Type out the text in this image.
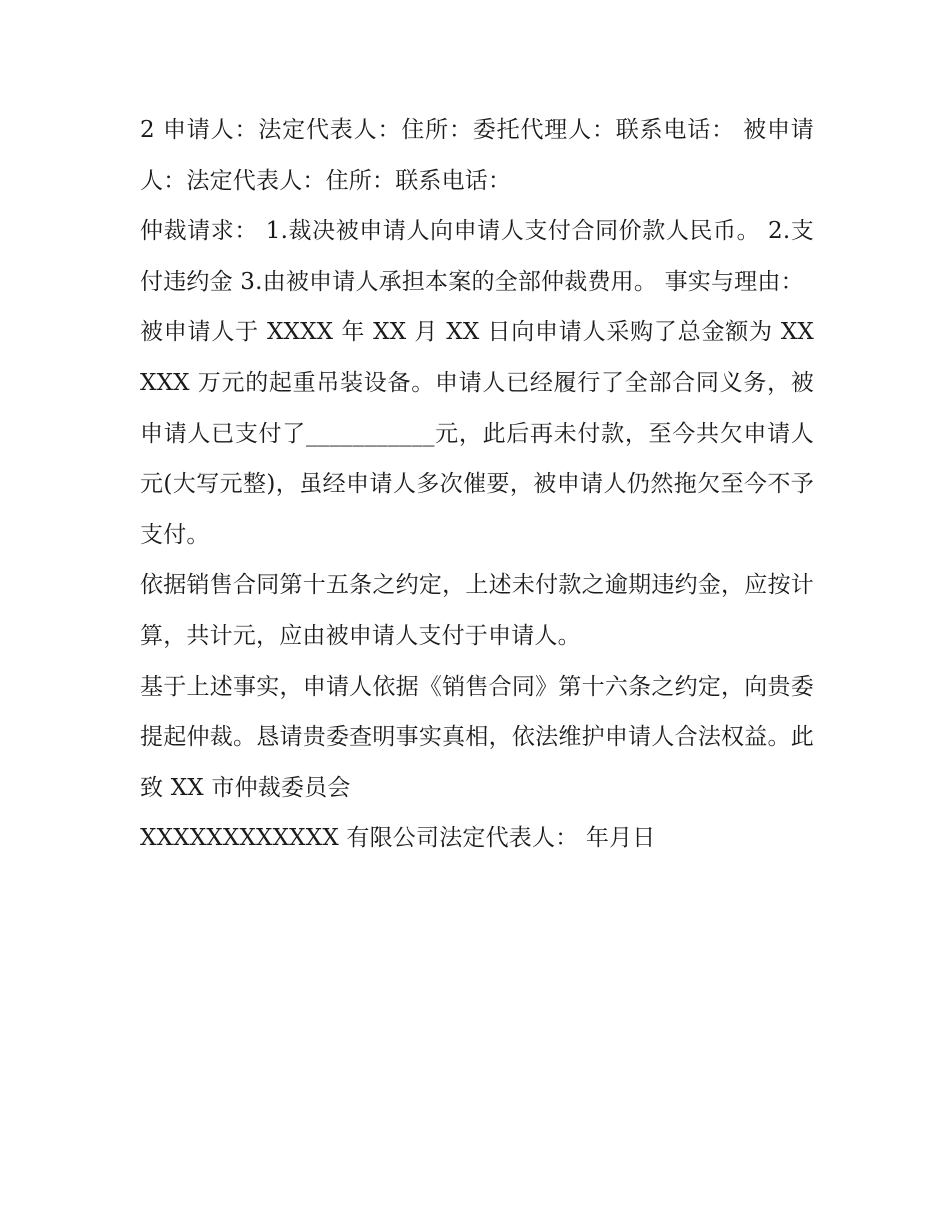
2 申请人：法定代表人：住所：委托代理人：联系电话： 被申请人：法定代表人：住所：联系电话：

仲裁请求： 1.裁决被申请人向申请人支付合同价款人民币。 2.支付违约金 3.由被申请人承担本案的全部仲裁费用。 事实与理由：

被申请人于 XXXX 年 XX 月 XX 日向申请人采购了总金额为 XXXXX 万元的起重吊装设备。申请人已经履行了全部合同义务，被申请人已支付了___________元，此后再未付款，至今共欠申请人元(大写元整)，虽经申请人多次催要，被申请人仍然拖欠至今不予支付。

依据销售合同第十五条之约定，上述未付款之逾期违约金，应按计算，共计元，应由被申请人支付于申请人。

基于上述事实，申请人依据《销售合同》第十六条之约定，向贵委提起仲裁。恳请贵委查明事实真相，依法维护申请人合法权益。此致 XX 市仲裁委员会

XXXXXXXXXXXX 有限公司法定代表人： 年月日
